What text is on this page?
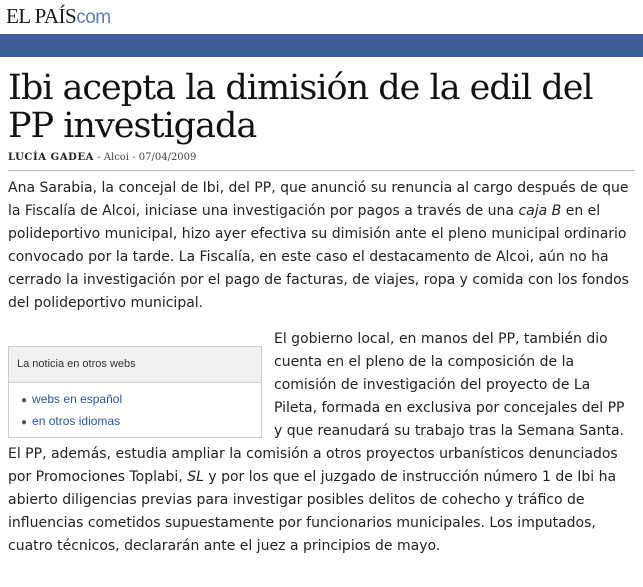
EL PAÍScom
Ibi acepta la dimisión de la edil del PP investigada
LUCÍA GADEA - Alcoi - 07/04/2009

Ana Sarabia, la concejal de Ibi, del PP, que anunció su renuncia al cargo después de que la Fiscalía de Alcoi, iniciase una investigación por pagos a través de una caja B en el polideportivo municipal, hizo ayer efectiva su dimisión ante el pleno municipal ordinario convocado por la tarde. La Fiscalía, en este caso el destacamento de Alcoi, aún no ha cerrado la investigación por el pago de facturas, de viajes, ropa y comida con los fondos del polideportivo municipal.

La noticia en otros webs
● webs en español
● en otros idiomas

El gobierno local, en manos del PP, también dio cuenta en el pleno de la composición de la comisión de investigación del proyecto de La Pileta, formada en exclusiva por concejales del PP y que reanudará su trabajo tras la Semana Santa. El PP, además, estudia ampliar la comisión a otros proyectos urbanísticos denunciados por Promociones Toplabi, SL y por los que el juzgado de instrucción número 1 de Ibi ha abierto diligencias previas para investigar posibles delitos de cohecho y tráfico de influencias cometidos supuestamente por funcionarios municipales. Los imputados, cuatro técnicos, declararán ante el juez a principios de mayo.
